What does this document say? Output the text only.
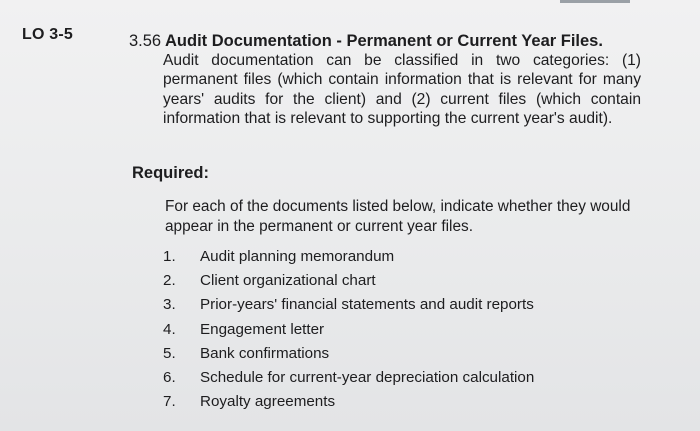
LO 3-5	3.56 Audit Documentation - Permanent or Current Year Files.

Audit documentation can be classified in two categories: (1) permanent files (which contain information that is relevant for many years' audits for the client) and (2) current files (which contain information that is relevant to supporting the current year's audit).

Required:

For each of the documents listed below, indicate whether they would appear in the permanent or current year files.

1. Audit planning memorandum
2. Client organizational chart
3. Prior-years' financial statements and audit reports
4. Engagement letter
5. Bank confirmations
6. Schedule for current-year depreciation calculation
7. Royalty agreements
